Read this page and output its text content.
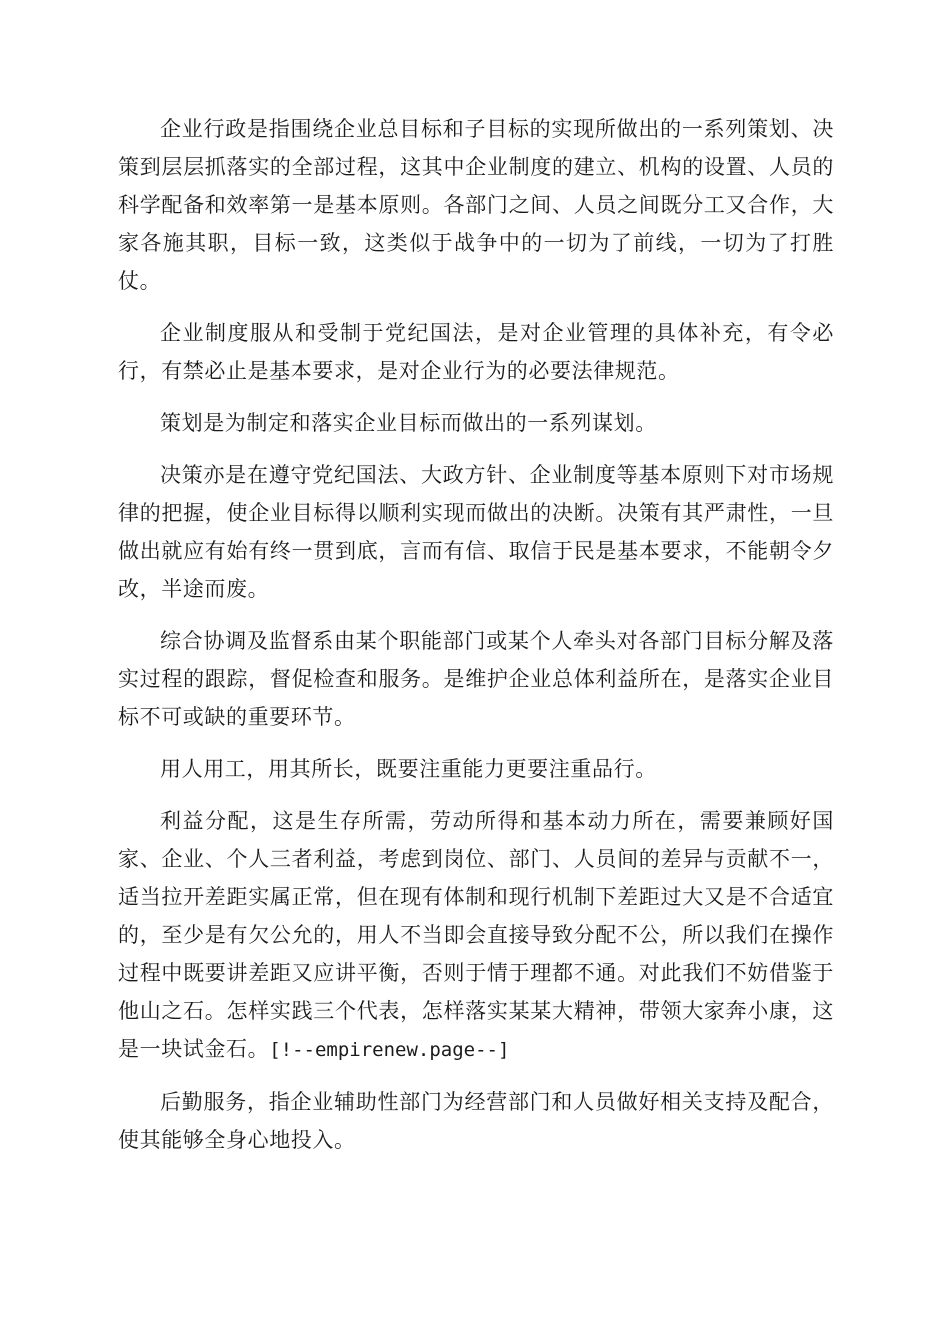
企业行政是指围绕企业总目标和子目标的实现所做出的一系列策划、决策到层层抓落实的全部过程，这其中企业制度的建立、机构的设置、人员的科学配备和效率第一是基本原则。各部门之间、人员之间既分工又合作，大家各施其职，目标一致，这类似于战争中的一切为了前线，一切为了打胜仗。

企业制度服从和受制于党纪国法，是对企业管理的具体补充，有令必行，有禁必止是基本要求，是对企业行为的必要法律规范。

策划是为制定和落实企业目标而做出的一系列谋划。

决策亦是在遵守党纪国法、大政方针、企业制度等基本原则下对市场规律的把握，使企业目标得以顺利实现而做出的决断。决策有其严肃性，一旦做出就应有始有终一贯到底，言而有信、取信于民是基本要求，不能朝令夕改，半途而废。

综合协调及监督系由某个职能部门或某个人牵头对各部门目标分解及落实过程的跟踪，督促检查和服务。是维护企业总体利益所在，是落实企业目标不可或缺的重要环节。

用人用工，用其所长，既要注重能力更要注重品行。

利益分配，这是生存所需，劳动所得和基本动力所在，需要兼顾好国家、企业、个人三者利益，考虑到岗位、部门、人员间的差异与贡献不一，适当拉开差距实属正常，但在现有体制和现行机制下差距过大又是不合适宜的，至少是有欠公允的，用人不当即会直接导致分配不公，所以我们在操作过程中既要讲差距又应讲平衡，否则于情于理都不通。对此我们不妨借鉴于他山之石。怎样实践三个代表，怎样落实某某大精神，带领大家奔小康，这是一块试金石。[!--empirenew.page--]

后勤服务，指企业辅助性部门为经营部门和人员做好相关支持及配合，使其能够全身心地投入。
